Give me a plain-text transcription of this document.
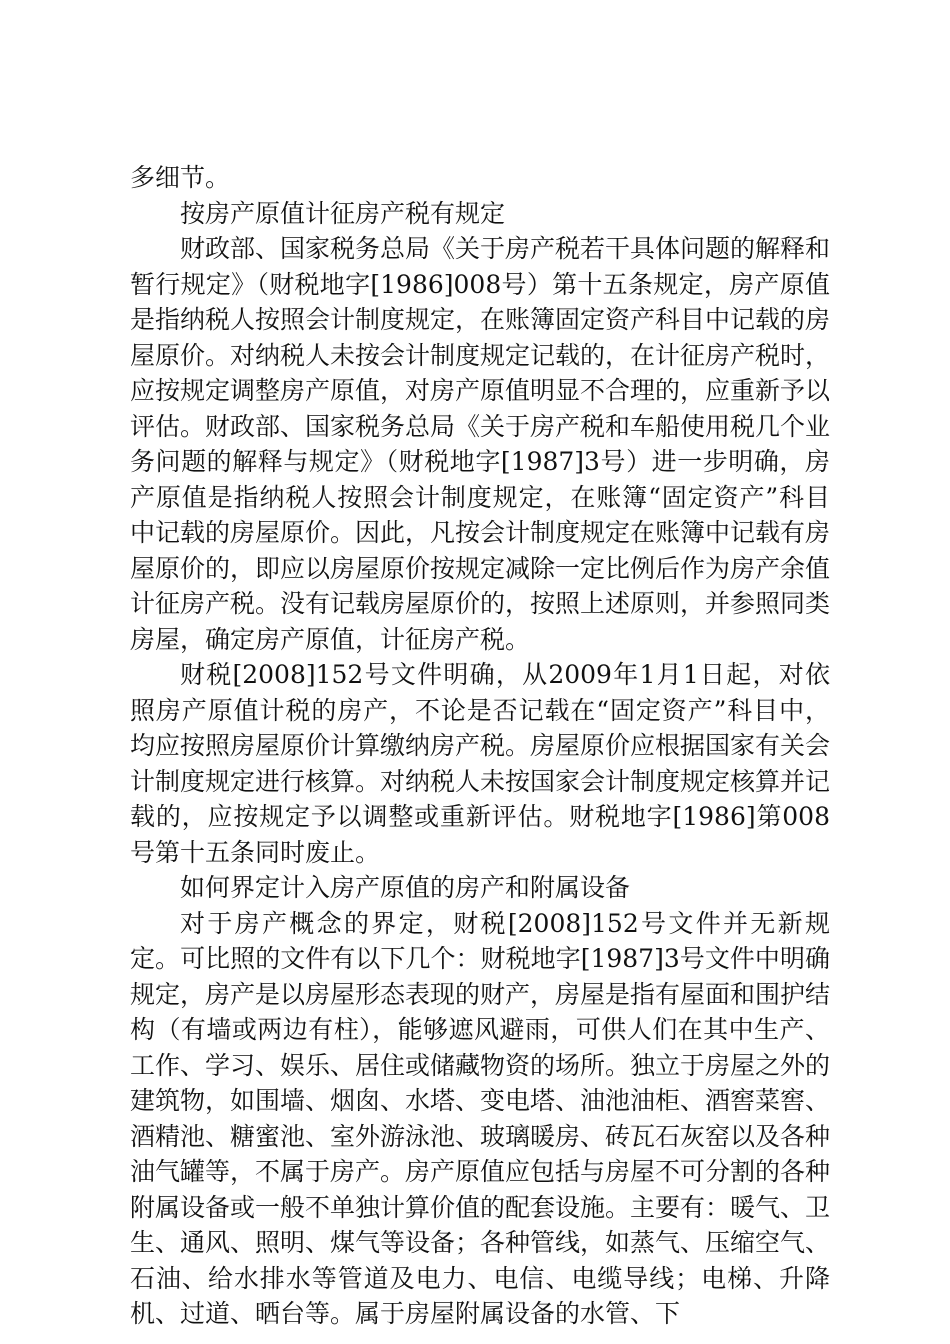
多细节。

按房产原值计征房产税有规定

财政部、国家税务总局《关于房产税若干具体问题的解释和暂行规定》（财税地字[1986]008号）第十五条规定，房产原值是指纳税人按照会计制度规定，在账簿固定资产科目中记载的房屋原价。对纳税人未按会计制度规定记载的，在计征房产税时，应按规定调整房产原值，对房产原值明显不合理的，应重新予以评估。财政部、国家税务总局《关于房产税和车船使用税几个业务问题的解释与规定》（财税地字[1987]3号）进一步明确，房产原值是指纳税人按照会计制度规定，在账簿“固定资产”科目中记载的房屋原价。因此，凡按会计制度规定在账簿中记载有房屋原价的，即应以房屋原价按规定减除一定比例后作为房产余值计征房产税。没有记载房屋原价的，按照上述原则，并参照同类房屋，确定房产原值，计征房产税。

财税[2008]152号文件明确，从2009年1月1日起，对依照房产原值计税的房产，不论是否记载在“固定资产”科目中，均应按照房屋原价计算缴纳房产税。房屋原价应根据国家有关会计制度规定进行核算。对纳税人未按国家会计制度规定核算并记载的，应按规定予以调整或重新评估。财税地字[1986]第008号第十五条同时废止。

如何界定计入房产原值的房产和附属设备

对于房产概念的界定，财税[2008]152号文件并无新规定。可比照的文件有以下几个：财税地字[1987]3号文件中明确规定，房产是以房屋形态表现的财产，房屋是指有屋面和围护结构（有墙或两边有柱），能够遮风避雨，可供人们在其中生产、工作、学习、娱乐、居住或储藏物资的场所。独立于房屋之外的建筑物，如围墙、烟囱、水塔、变电塔、油池油柜、酒窖菜窖、酒精池、糖蜜池、室外游泳池、玻璃暖房、砖瓦石灰窑以及各种油气罐等，不属于房产。房产原值应包括与房屋不可分割的各种附属设备或一般不单独计算价值的配套设施。主要有：暖气、卫生、通风、照明、煤气等设备；各种管线，如蒸气、压缩空气、石油、给水排水等管道及电力、电信、电缆导线；电梯、升降机、过道、晒台等。属于房屋附属设备的水管、下
